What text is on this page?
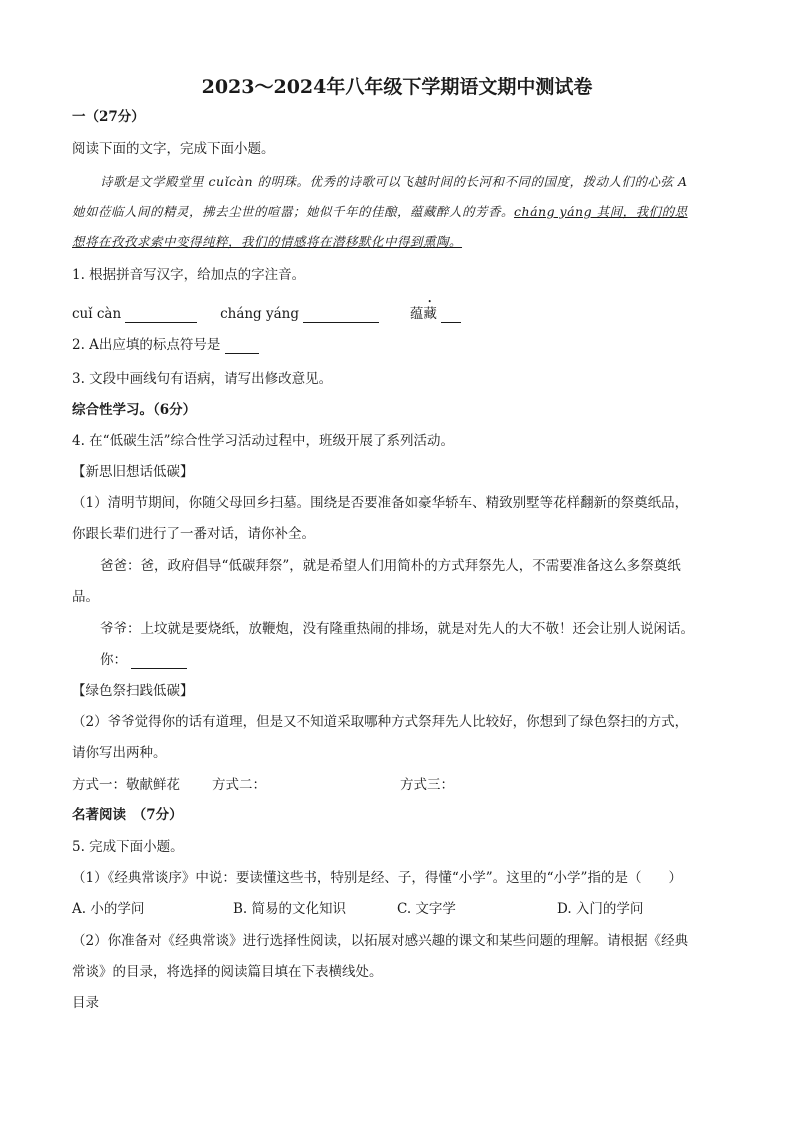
2023～2024年八年级下学期语文期中测试卷
一（27分）
阅读下面的文字，完成下面小题。
诗歌是文学殿堂里 cuǐcàn 的明珠。优秀的诗歌可以飞越时间的长河和不同的国度，拨动人们的心弦 A
她如莅临人间的精灵，拂去尘世的喧嚣；她似千年的佳酿，蕴藏醉人的芳香。cháng yáng 其间，我们的思
想将在孜孜求索中变得纯粹，我们的情感将在潜移默化中得到熏陶。
1. 根据拼音写汉字，给加点的字注音。
cuǐ càn	cháng yáng	蕴藏
2. A出应填的标点符号是
3. 文段中画线句有语病，请写出修改意见。
综合性学习。（6分）
4. 在“低碳生活”综合性学习活动过程中，班级开展了系列活动。
【新思旧想话低碳】
（1）清明节期间，你随父母回乡扫墓。围绕是否要准备如豪华轿车、精致别墅等花样翻新的祭奠纸品，
你跟长辈们进行了一番对话，请你补全。
爸爸：爸，政府倡导“低碳拜祭”，就是希望人们用简朴的方式拜祭先人，不需要准备这么多祭奠纸
品。
爷爷：上坟就是要烧纸，放鞭炮，没有隆重热闹的排场，就是对先人的大不敬！还会让别人说闲话。
你：
【绿色祭扫践低碳】
（2）爷爷觉得你的话有道理，但是又不知道采取哪种方式祭拜先人比较好，你想到了绿色祭扫的方式，
请你写出两种。
方式一：敬献鲜花 方式二：	方式三：
名著阅读　（7分）
5. 完成下面小题。
（1）《经典常谈序》中说：要读懂这些书，特别是经、子，得懂“小学”。这里的“小学”指的是（　　）
A. 小的学问	B. 简易的文化知识	C. 文字学	D. 入门的学问
（2）你准备对《经典常谈》进行选择性阅读，以拓展对感兴趣的课文和某些问题的理解。请根据《经典
常谈》的目录，将选择的阅读篇目填在下表横线处。
目录
